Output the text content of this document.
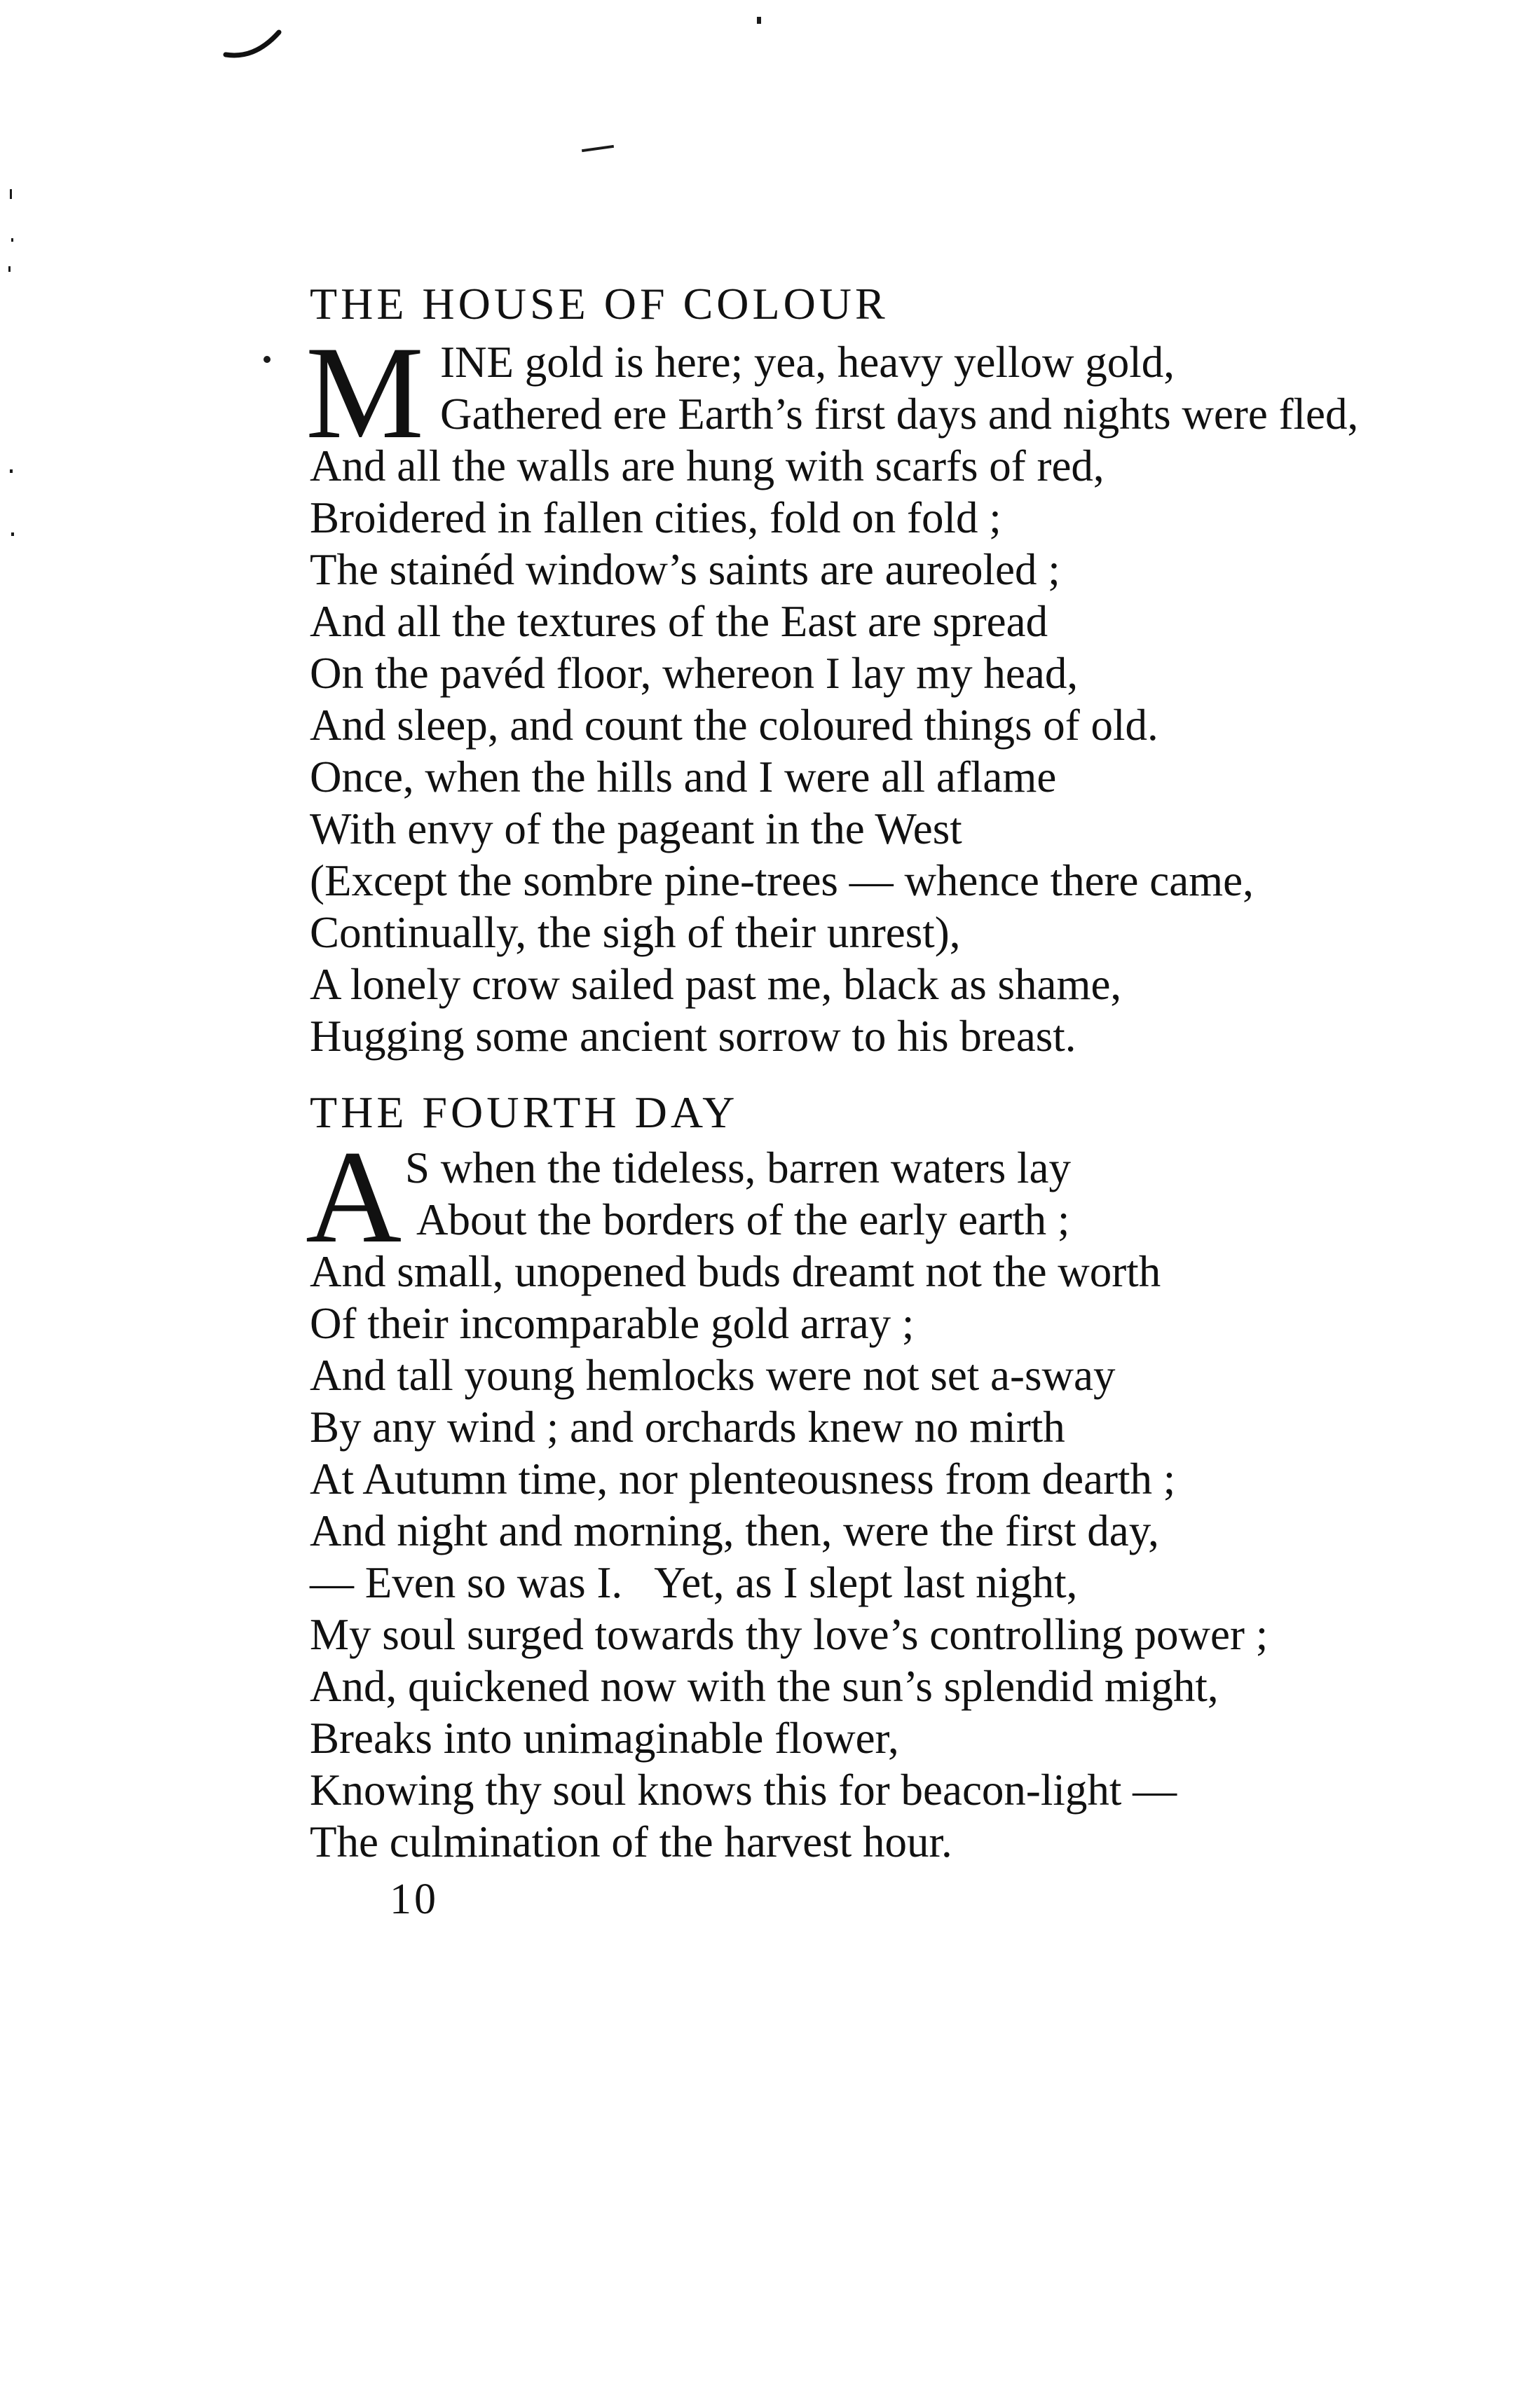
THE HOUSE OF COLOUR
M INE gold is here; yea, heavy yellow gold,
Gathered ere Earth’s first days and nights were fled,
And all the walls are hung with scarfs of red,
Broidered in fallen cities, fold on fold ;
The stainéd window’s saints are aureoled ;
And all the textures of the East are spread
On the pavéd floor, whereon I lay my head,
And sleep, and count the coloured things of old.
Once, when the hills and I were all aflame
With envy of the pageant in the West
(Except the sombre pine-trees — whence there came,
Continually, the sigh of their unrest),
A lonely crow sailed past me, black as shame,
Hugging some ancient sorrow to his breast.
THE FOURTH DAY
A S when the tideless, barren waters lay
About the borders of the early earth ;
And small, unopened buds dreamt not the worth
Of their incomparable gold array ;
And tall young hemlocks were not set a-sway
By any wind ; and orchards knew no mirth
At Autumn time, nor plenteousness from dearth ;
And night and morning, then, were the first day,
— Even so was I.   Yet, as I slept last night,
My soul surged towards thy love’s controlling power ;
And, quickened now with the sun’s splendid might,
Breaks into unimaginable flower,
Knowing thy soul knows this for beacon-light —
The culmination of the harvest hour.
10
